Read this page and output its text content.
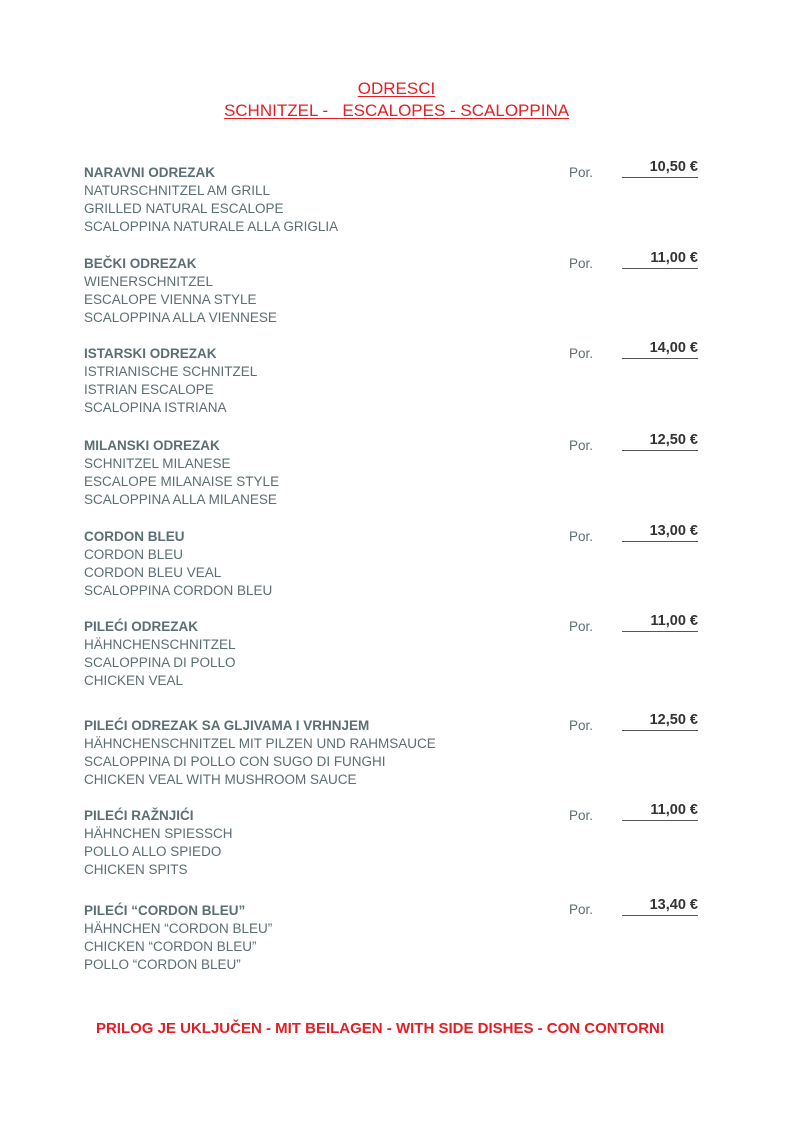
ODRESCI
SCHNITZEL -   ESCALOPES - SCALOPPINA
NARAVNI ODREZAK
NATURSCHNITZEL AM GRILL
GRILLED NATURAL ESCALOPE
SCALOPPINA NATURALE ALLA GRIGLIA
Por.	10,50 €
BEČKI ODREZAK
WIENERSCHNITZEL
ESCALOPE VIENNA STYLE
SCALOPPINA ALLA VIENNESE
Por.	11,00 €
ISTARSKI ODREZAK
ISTRIANISCHE SCHNITZEL
ISTRIAN ESCALOPE
SCALOPINA ISTRIANA
Por.	14,00 €
MILANSKI ODREZAK
SCHNITZEL MILANESE
ESCALOPE MILANAISE STYLE
SCALOPPINA ALLA MILANESE
Por.	12,50 €
CORDON BLEU
CORDON BLEU
CORDON BLEU VEAL
SCALOPPINA CORDON BLEU
Por.	13,00 €
PILEĆI ODREZAK
HÄHNCHENSCHNITZEL
SCALOPPINA DI POLLO
CHICKEN VEAL
Por.	11,00 €
PILEĆI ODREZAK SA GLJIVAMA I VRHNJEM
HÄHNCHENSCHNITZEL MIT PILZEN UND RAHMSAUCE
SCALOPPINA DI POLLO CON SUGO DI FUNGHI
CHICKEN VEAL WITH MUSHROOM SAUCE
Por.	12,50 €
PILEĆI RAŽNJIĆI
HÄHNCHEN SPIESSCH
POLLO ALLO SPIEDO
CHICKEN SPITS
Por.	11,00 €
PILEĆI “CORDON BLEU”
HÄHNCHEN “CORDON BLEU”
CHICKEN “CORDON BLEU”
POLLO “CORDON BLEU”
Por.	13,40 €
PRILOG JE UKLJUČEN - MIT BEILAGEN - WITH SIDE DISHES - CON CONTORNI
